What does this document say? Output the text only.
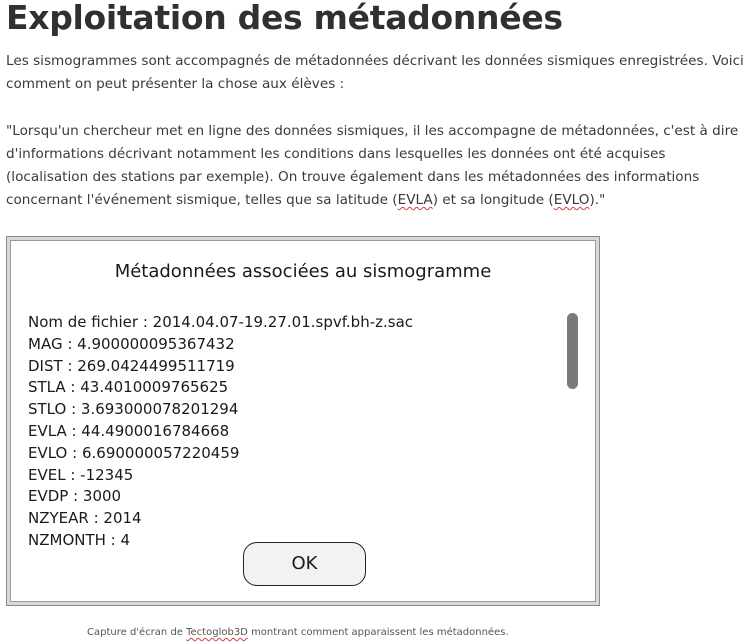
Exploitation des métadonnées

Les sismogrammes sont accompagnés de métadonnées décrivant les données sismiques enregistrées. Voici
comment on peut présenter la chose aux élèves :

"Lorsqu'un chercheur met en ligne des données sismiques, il les accompagne de métadonnées, c'est à dire
d'informations décrivant notamment les conditions dans lesquelles les données ont été acquises
(localisation des stations par exemple). On trouve également dans les métadonnées des informations
concernant l'événement sismique, telles que sa latitude (EVLA) et sa longitude (EVLO)."

Métadonnées associées au sismogramme
Nom de fichier : 2014.04.07-19.27.01.spvf.bh-z.sac
MAG : 4.900000095367432
DIST : 269.0424499511719
STLA : 43.4010009765625
STLO : 3.693000078201294
EVLA : 44.4900016784668
EVLO : 6.690000057220459
EVEL : -12345
EVDP : 3000
NZYEAR : 2014
NZMONTH : 4
OK

Capture d'écran de Tectoglob3D montrant comment apparaissent les métadonnées.
